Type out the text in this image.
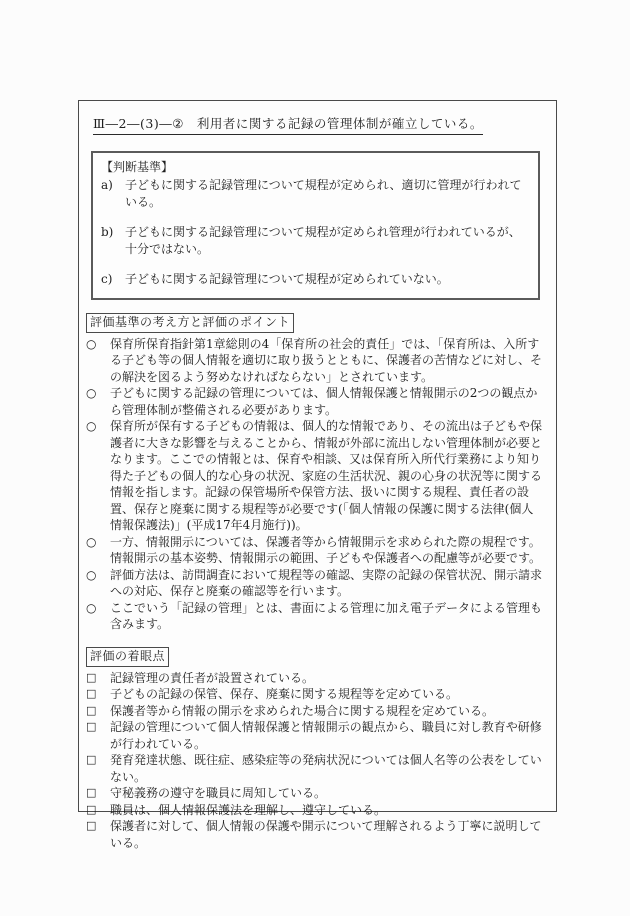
Ⅲ―2―(3)―②　利用者に関する記録の管理体制が確立している。
【判断基準】
a)	子どもに関する記録管理について規程が定められ、適切に管理が行われている。
b) 子どもに関する記録管理について規程が定められ管理が行われているが、十分ではない。
c)	子どもに関する記録管理について規程が定められていない。
評価基準の考え方と評価のポイント
○	保育所保育指針第1章総則の4「保育所の社会的責任」では、「保育所は、入所する子ども等の個人情報を適切に取り扱うとともに、保護者の苦情などに対し、その解決を図るよう努めなければならない」とされています。
○	子どもに関する記録の管理については、個人情報保護と情報開示の2つの観点から管理体制が整備される必要があります。
○	保育所が保有する子どもの情報は、個人的な情報であり、その流出は子どもや保護者に大きな影響を与えることから、情報が外部に流出しない管理体制が必要となります。ここでの情報とは、保育や相談、又は保育所入所代行業務により知り得た子どもの個人的な心身の状況、家庭の生活状況、親の心身の状況等に関する情報を指します。記録の保管場所や保管方法、扱いに関する規程、責任者の設置、保存と廃棄に関する規程等が必要です(「個人情報の保護に関する法律(個人情報保護法)」(平成17年4月施行))。
○	一方、情報開示については、保護者等から情報開示を求められた際の規程です。情報開示の基本姿勢、情報開示の範囲、子どもや保護者への配慮等が必要です。
○	評価方法は、訪問調査において規程等の確認、実際の記録の保管状況、開示請求への対応、保存と廃棄の確認等を行います。
○	ここでいう「記録の管理」とは、書面による管理に加え電子データによる管理も含みます。
評価の着眼点
□	記録管理の責任者が設置されている。
□	子どもの記録の保管、保存、廃棄に関する規程等を定めている。
□	保護者等から情報の開示を求められた場合に関する規程を定めている。
□	記録の管理について個人情報保護と情報開示の観点から、職員に対し教育や研修が行われている。
□	発育発達状態、既往症、感染症等の発病状況については個人名等の公表をしていない。
□	守秘義務の遵守を職員に周知している。
□	職員は、個人情報保護法を理解し、遵守している。
□	保護者に対して、個人情報の保護や開示について理解されるよう丁寧に説明している。
